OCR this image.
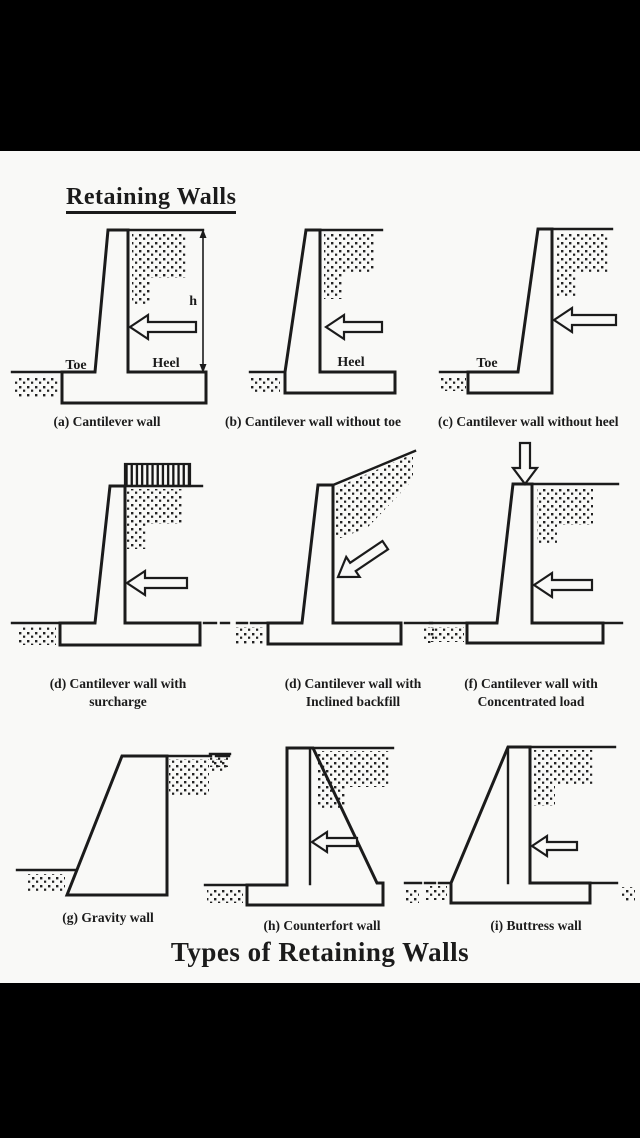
Retaining Walls
h
Toe	Heel	Heel	Toe
(a) Cantilever wall	(b) Cantilever wall without toe	(c) Cantilever wall without heel
(d) Cantilever wall with
surcharge
(d) Cantilever wall with
Inclined backfill
(f) Cantilever wall with
Concentrated load
(g) Gravity wall
(h) Counterfort wall	(i) Buttress wall
Types of Retaining Walls
